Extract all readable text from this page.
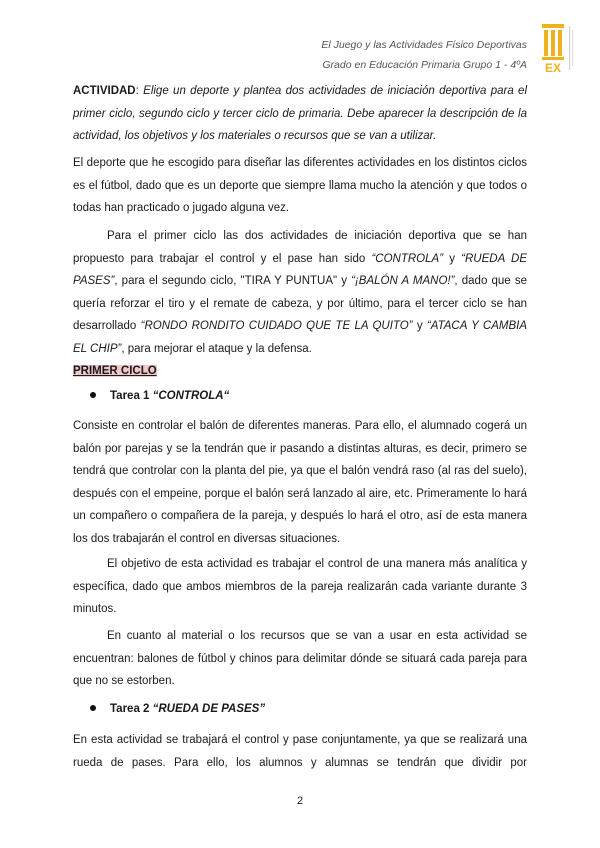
El Juego y las Actividades Físico Deportivas
Grado en Educación Primaria Grupo 1 - 4ºA EX

ACTIVIDAD: Elige un deporte y plantea dos actividades de iniciación deportiva para el primer ciclo, segundo ciclo y tercer ciclo de primaria. Debe aparecer la descripción de la actividad, los objetivos y los materiales o recursos que se van a utilizar.

El deporte que he escogido para diseñar las diferentes actividades en los distintos ciclos es el fútbol, dado que es un deporte que siempre llama mucho la atención y que todos o todas han practicado o jugado alguna vez.

Para el primer ciclo las dos actividades de iniciación deportiva que se han propuesto para trabajar el control y el pase han sido “CONTROLA” y “RUEDA DE PASES”, para el segundo ciclo, "TIRA Y PUNTUA" y “¡BALÓN A MANO!”, dado que se quería reforzar el tiro y el remate de cabeza, y por último, para el tercer ciclo se han desarrollado “RONDO RONDITO CUIDADO QUE TE LA QUITO” y “ATACA Y CAMBIA EL CHIP”, para mejorar el ataque y la defensa.

PRIMER CICLO
Tarea 1 “CONTROLA“

Consiste en controlar el balón de diferentes maneras. Para ello, el alumnado cogerá un balón por parejas y se la tendrán que ir pasando a distintas alturas, es decir, primero se tendrá que controlar con la planta del pie, ya que el balón vendrá raso (al ras del suelo), después con el empeine, porque el balón será lanzado al aire, etc. Primeramente lo hará un compañero o compañera de la pareja, y después lo hará el otro, así de esta manera los dos trabajarán el control en diversas situaciones.

El objetivo de esta actividad es trabajar el control de una manera más analítica y específica, dado que ambos miembros de la pareja realizarán cada variante durante 3 minutos.

En cuanto al material o los recursos que se van a usar en esta actividad se encuentran: balones de fútbol y chinos para delimitar dónde se situará cada pareja para que no se estorben.

Tarea 2 “RUEDA DE PASES”

En esta actividad se trabajará el control y pase conjuntamente, ya que se realizará una rueda de pases. Para ello, los alumnos y alumnas se tendrán que dividir por

2
